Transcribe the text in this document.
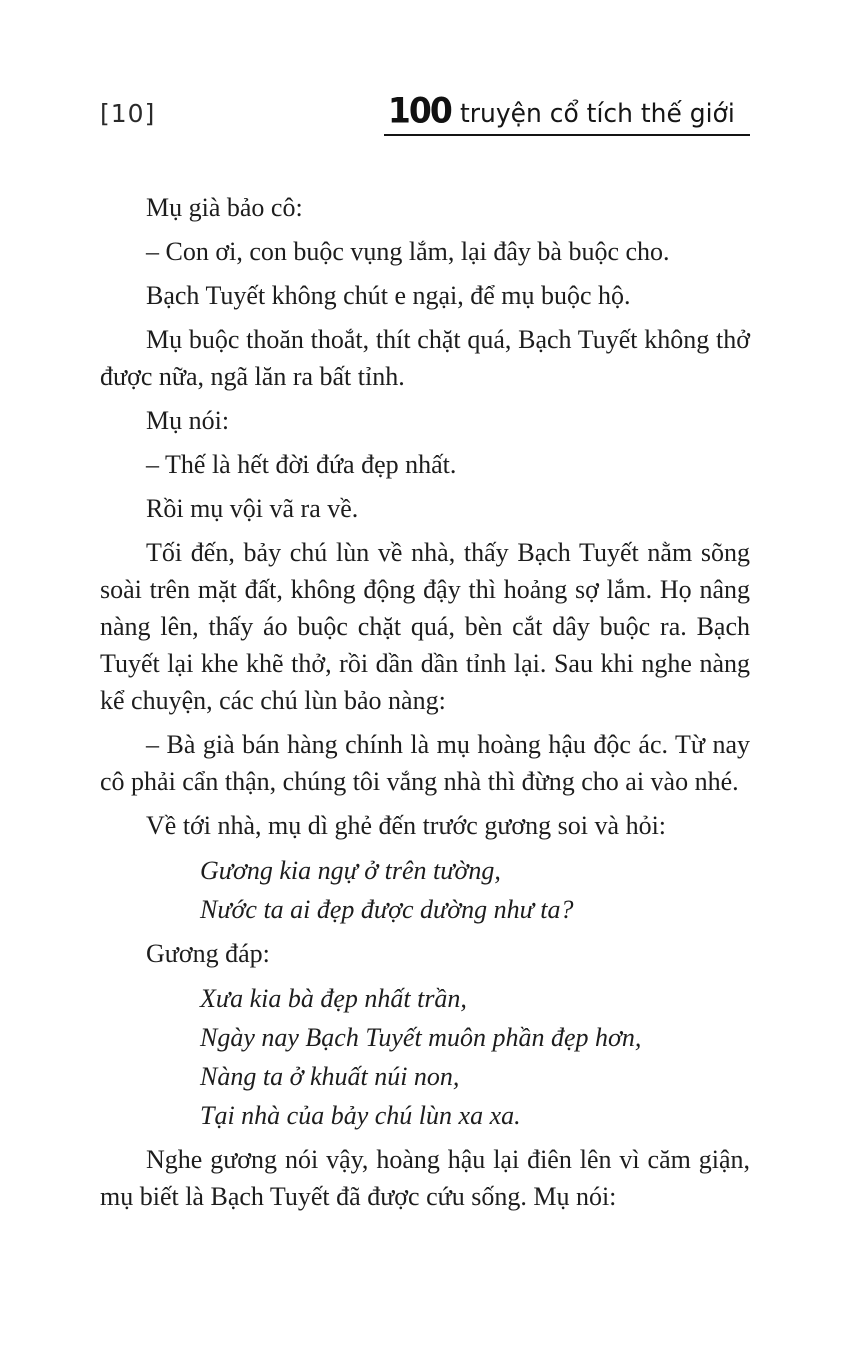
[10]	100 truyện cổ tích thế giới

Mụ già bảo cô:

– Con ơi, con buộc vụng lắm, lại đây bà buộc cho.

Bạch Tuyết không chút e ngại, để mụ buộc hộ.

Mụ buộc thoăn thoắt, thít chặt quá, Bạch Tuyết không thở được nữa, ngã lăn ra bất tỉnh.

Mụ nói:

– Thế là hết đời đứa đẹp nhất.

Rồi mụ vội vã ra về.

Tối đến, bảy chú lùn về nhà, thấy Bạch Tuyết nằm sõng soài trên mặt đất, không động đậy thì hoảng sợ lắm. Họ nâng nàng lên, thấy áo buộc chặt quá, bèn cắt dây buộc ra. Bạch Tuyết lại khe khẽ thở, rồi dần dần tỉnh lại. Sau khi nghe nàng kể chuyện, các chú lùn bảo nàng:

– Bà già bán hàng chính là mụ hoàng hậu độc ác. Từ nay cô phải cẩn thận, chúng tôi vắng nhà thì đừng cho ai vào nhé.

Về tới nhà, mụ dì ghẻ đến trước gương soi và hỏi:

Gương kia ngự ở trên tường,

Nước ta ai đẹp được dường như ta?

Gương đáp:

Xưa kia bà đẹp nhất trần,

Ngày nay Bạch Tuyết muôn phần đẹp hơn,

Nàng ta ở khuất núi non,

Tại nhà của bảy chú lùn xa xa.

Nghe gương nói vậy, hoàng hậu lại điên lên vì căm giận, mụ biết là Bạch Tuyết đã được cứu sống. Mụ nói:
